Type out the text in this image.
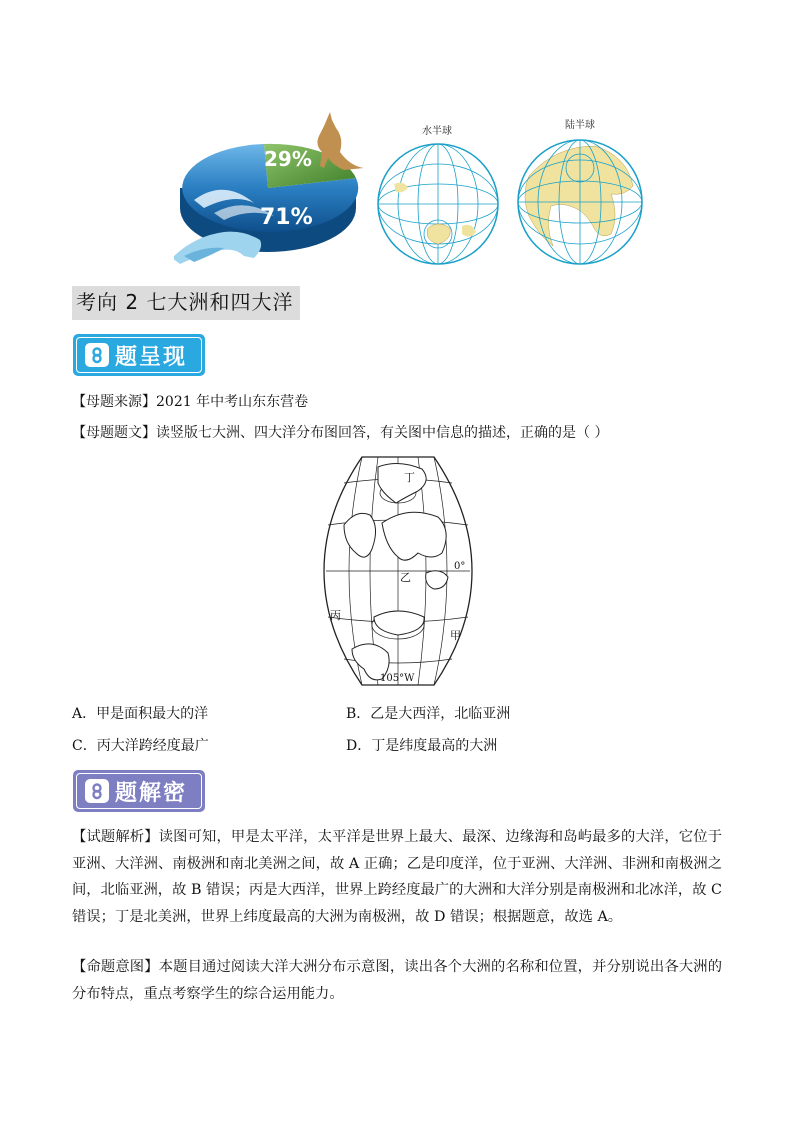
29%
71%
水半球
陆半球
考向 2 七大洲和四大洋
题呈现
【母题来源】2021 年中考山东东营卷
【母题题文】读竖版七大洲、四大洋分布图回答，有关图中信息的描述，正确的是（ ）
丁
乙
丙
甲
0°
105°W
A．甲是面积最大的洋	B．乙是大西洋，北临亚洲
C．丙大洋跨经度最广	D．丁是纬度最高的大洲
题解密
【试题解析】读图可知，甲是太平洋，太平洋是世界上最大、最深、边缘海和岛屿最多的大洋，它位于亚洲、大洋洲、南极洲和南北美洲之间，故 A 正确；乙是印度洋，位于亚洲、大洋洲、非洲和南极洲之间，北临亚洲，故 B 错误；丙是大西洋，世界上跨经度最广的大洲和大洋分别是南极洲和北冰洋，故 C 错误；丁是北美洲，世界上纬度最高的大洲为南极洲，故 D 错误；根据题意，故选 A。
【命题意图】本题目通过阅读大洋大洲分布示意图，读出各个大洲的名称和位置，并分别说出各大洲的分布特点，重点考察学生的综合运用能力。
